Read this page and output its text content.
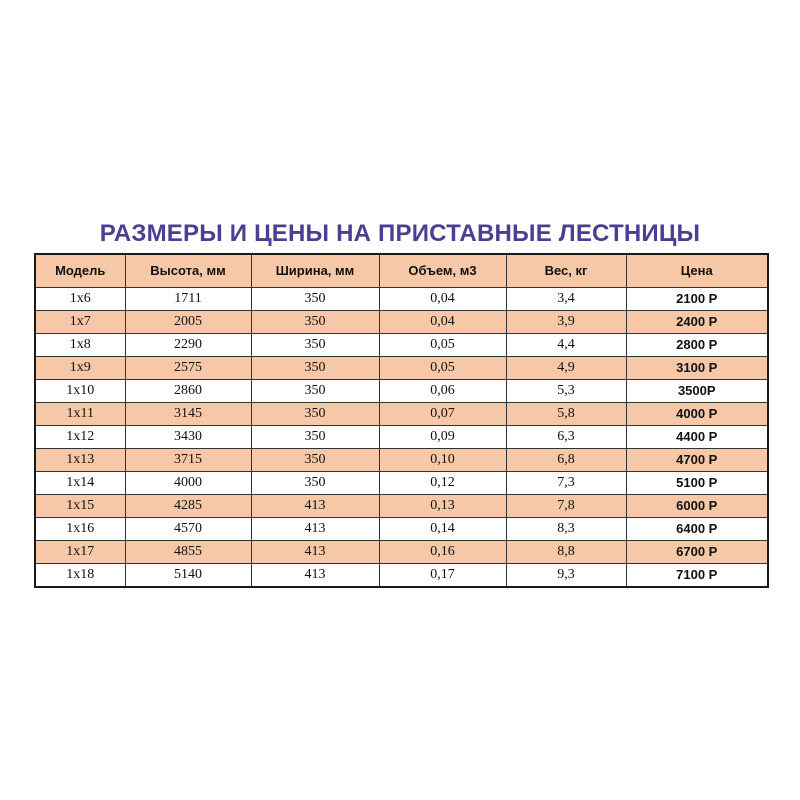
РАЗМЕРЫ И ЦЕНЫ НА ПРИСТАВНЫЕ ЛЕСТНИЦЫ
Модель	Высота, мм	Ширина, мм	Объем, м3	Вес, кг	Цена
1х6	1711	350	0,04	3,4	2100 Р
1х7	2005	350	0,04	3,9	2400 Р
1х8	2290	350	0,05	4,4	2800 Р
1х9	2575	350	0,05	4,9	3100 Р
1х10	2860	350	0,06	5,3	3500Р
1х11	3145	350	0,07	5,8	4000 Р
1х12	3430	350	0,09	6,3	4400 Р
1х13	3715	350	0,10	6,8	4700 Р
1х14	4000	350	0,12	7,3	5100 Р
1х15	4285	413	0,13	7,8	6000 Р
1х16	4570	413	0,14	8,3	6400 Р
1х17	4855	413	0,16	8,8	6700 Р
1х18	5140	413	0,17	9,3	7100 Р
